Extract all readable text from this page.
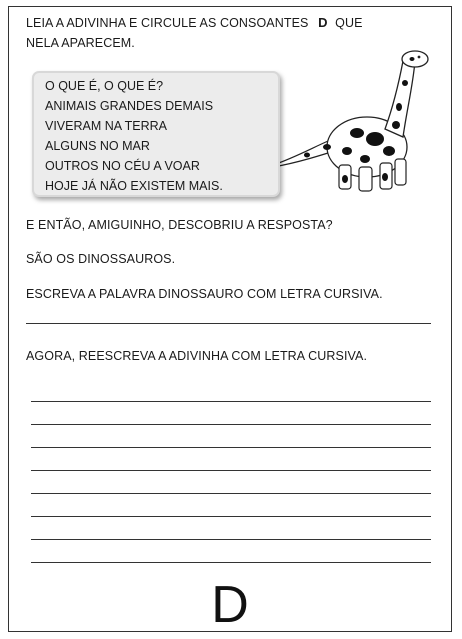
LEIA A ADIVINHA E CIRCULE AS CONSOANTES D QUE
NELA APARECEM.
O QUE É, O QUE É?
ANIMAIS GRANDES DEMAIS
VIVERAM NA TERRA
ALGUNS NO MAR
OUTROS NO CÉU A VOAR
HOJE JÁ NÃO EXISTEM MAIS.
E ENTÃO, AMIGUINHO, DESCOBRIU A RESPOSTA?
SÃO OS DINOSSAUROS.
ESCREVA A PALAVRA DINOSSAURO COM LETRA CURSIVA.
AGORA, REESCREVA A ADIVINHA COM LETRA CURSIVA.
D
